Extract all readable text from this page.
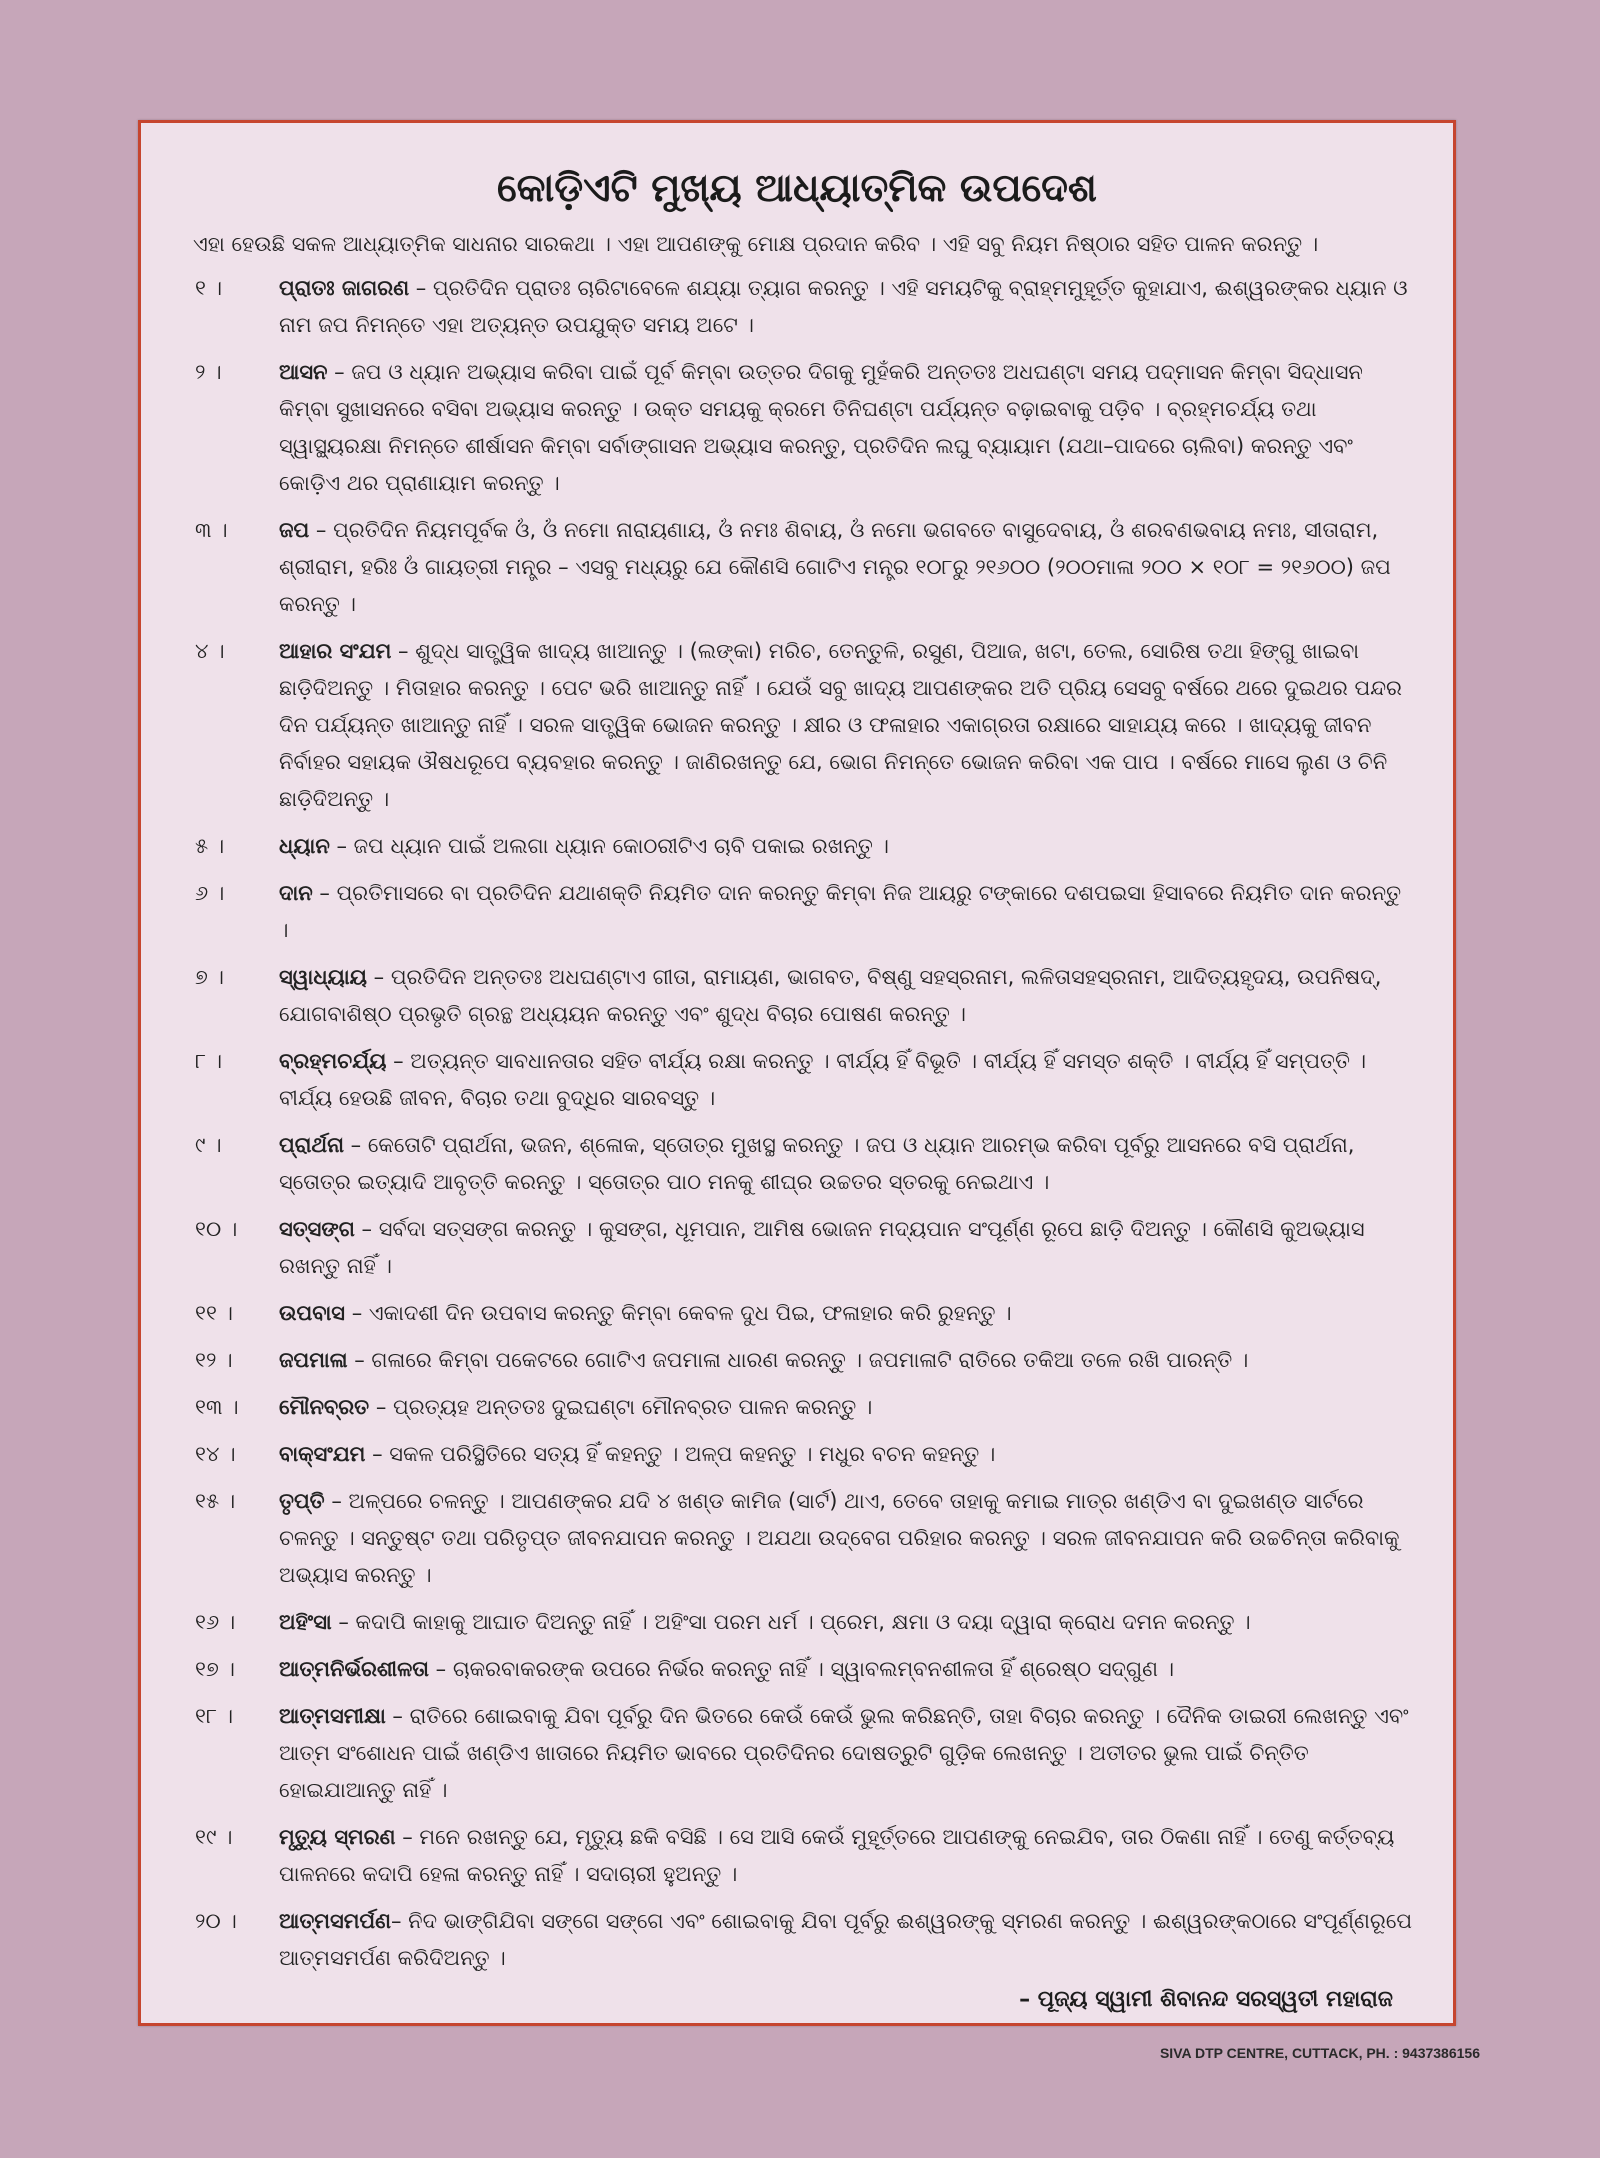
କୋଡ଼ିଏଟି ମୁଖ୍ୟ ଆଧ୍ୟାତ୍ମିକ ଉପଦେଶ
ଏହା ହେଉଛି ସକଳ ଆଧ୍ୟାତ୍ମିକ ସାଧନାର ସାରକଥା । ଏହା ଆପଣଙ୍କୁ ମୋକ୍ଷ ପ୍ରଦାନ କରିବ । ଏହି ସବୁ ନିୟମ ନିଷ୍ଠାର ସହିତ ପାଳନ କରନ୍ତୁ ।
୧ ।	ପ୍ରାତଃ ଜାଗରଣ – ପ୍ରତିଦିନ ପ୍ରାତଃ ଚାରିଟାବେଳେ ଶଯ୍ୟା ତ୍ୟାଗ କରନ୍ତୁ । ଏହି ସମୟଟିକୁ ବ୍ରାହ୍ମମୁହୂର୍ତ୍ତ କୁହାଯାଏ, ଈଶ୍ୱରଙ୍କର ଧ୍ୟାନ ଓ ନାମ ଜପ ନିମନ୍ତେ ଏହା ଅତ୍ୟନ୍ତ ଉପଯୁକ୍ତ ସମୟ ଅଟେ ।
୨ ।	ଆସନ – ଜପ ଓ ଧ୍ୟାନ ଅଭ୍ୟାସ କରିବା ପାଇଁ ପୂର୍ବ କିମ୍ବା ଉତ୍ତର ଦିଗକୁ ମୁହଁକରି ଅନ୍ତତଃ ଅଧଘଣ୍ଟା ସମୟ ପଦ୍ମାସନ କିମ୍ବା ସିଦ୍ଧାସନ କିମ୍ବା ସୁଖାସନରେ ବସିବା ଅଭ୍ୟାସ କରନ୍ତୁ । ଉକ୍ତ ସମୟକୁ କ୍ରମେ ତିନିଘଣ୍ଟା ପର୍ଯ୍ୟନ୍ତ ବଢ଼ାଇବାକୁ ପଡ଼ିବ । ବ୍ରହ୍ମଚର୍ଯ୍ୟ ତଥା ସ୍ୱାସ୍ଥ୍ୟରକ୍ଷା ନିମନ୍ତେ ଶୀର୍ଷାସନ କିମ୍ବା ସର୍ବାଙ୍ଗାସନ ଅଭ୍ୟାସ କରନ୍ତୁ, ପ୍ରତିଦିନ ଲଘୁ ବ୍ୟାୟାମ (ଯଥା–ପାଦରେ ଚାଲିବା) କରନ୍ତୁ ଏବଂ କୋଡ଼ିଏ ଥର ପ୍ରାଣାୟାମ କରନ୍ତୁ ।
୩ ।	ଜପ – ପ୍ରତିଦିନ ନିୟମପୂର୍ବକ ଓଁ, ଓଁ ନମୋ ନାରାୟଣାୟ, ଓଁ ନମଃ ଶିବାୟ, ଓଁ ନମୋ ଭଗବତେ ବାସୁଦେବାୟ, ଓଁ ଶରବଣଭବାୟ ନମଃ, ସୀତାରାମ, ଶ୍ରୀରାମ, ହରିଃ ଓଁ ଗାୟତ୍ରୀ ମନ୍ତ୍ର – ଏସବୁ ମଧ୍ୟରୁ ଯେ କୌଣସି ଗୋଟିଏ ମନ୍ତ୍ର ୧୦୮ରୁ ୨୧୬୦୦ (୨୦୦ମାଳା ୨୦୦ × ୧୦୮ = ୨୧୬୦୦) ଜପ କରନ୍ତୁ ।
୪ ।	ଆହାର ସଂଯମ – ଶୁଦ୍ଧ ସାତ୍ତ୍ୱିକ ଖାଦ୍ୟ ଖାଆନ୍ତୁ । (ଲଙ୍କା) ମରିଚ, ତେନ୍ତୁଳି, ରସୁଣ, ପିଆଜ, ଖଟା, ତେଲ, ସୋରିଷ ତଥା ହିଙ୍ଗୁ ଖାଇବା ଛାଡ଼ିଦିଅନ୍ତୁ । ମିତାହାର କରନ୍ତୁ । ପେଟ ଭରି ଖାଆନ୍ତୁ ନାହିଁ । ଯେଉଁ ସବୁ ଖାଦ୍ୟ ଆପଣଙ୍କର ଅତି ପ୍ରିୟ ସେସବୁ ବର୍ଷରେ ଥରେ ଦୁଇଥର ପନ୍ଦର ଦିନ ପର୍ଯ୍ୟନ୍ତ ଖାଆନ୍ତୁ ନାହିଁ । ସରଳ ସାତ୍ତ୍ୱିକ ଭୋଜନ କରନ୍ତୁ । କ୍ଷୀର ଓ ଫଳାହାର ଏକାଗ୍ରତା ରକ୍ଷାରେ ସାହାଯ୍ୟ କରେ । ଖାଦ୍ୟକୁ ଜୀବନ ନିର୍ବାହର ସହାୟକ ଔଷଧରୂପେ ବ୍ୟବହାର କରନ୍ତୁ । ଜାଣିରଖନ୍ତୁ ଯେ, ଭୋଗ ନିମନ୍ତେ ଭୋଜନ କରିବା ଏକ ପାପ । ବର୍ଷରେ ମାସେ ଲୁଣ ଓ ଚିନି ଛାଡ଼ିଦିଅନ୍ତୁ ।
୫ ।	ଧ୍ୟାନ – ଜପ ଧ୍ୟାନ ପାଇଁ ଅଲଗା ଧ୍ୟାନ କୋଠରୀଟିଏ ଚାବି ପକାଇ ରଖନ୍ତୁ ।
୬ ।	ଦାନ – ପ୍ରତିମାସରେ ବା ପ୍ରତିଦିନ ଯଥାଶକ୍ତି ନିୟମିତ ଦାନ କରନ୍ତୁ କିମ୍ବା ନିଜ ଆୟରୁ ଟଙ୍କାରେ ଦଶପଇସା ହିସାବରେ ନିୟମିତ ଦାନ କରନ୍ତୁ ।
୭ ।	ସ୍ୱାଧ୍ୟାୟ – ପ୍ରତିଦିନ ଅନ୍ତତଃ ଅଧଘଣ୍ଟାଏ ଗୀତା, ରାମାୟଣ, ଭାଗବତ, ବିଷ୍ଣୁ ସହସ୍ରନାମ, ଲଳିତାସହସ୍ରନାମ, ଆଦିତ୍ୟହୃଦୟ, ଉପନିଷଦ୍, ଯୋଗବାଶିଷ୍ଠ ପ୍ରଭୃତି ଗ୍ରନ୍ଥ ଅଧ୍ୟୟନ କରନ୍ତୁ ଏବଂ ଶୁଦ୍ଧ ବିଚାର ପୋଷଣ କରନ୍ତୁ ।
୮ ।	ବ୍ରହ୍ମଚର୍ଯ୍ୟ – ଅତ୍ୟନ୍ତ ସାବଧାନତାର ସହିତ ବୀର୍ଯ୍ୟ ରକ୍ଷା କରନ୍ତୁ । ବୀର୍ଯ୍ୟ ହିଁ ବିଭୂତି । ବୀର୍ଯ୍ୟ ହିଁ ସମସ୍ତ ଶକ୍ତି । ବୀର୍ଯ୍ୟ ହିଁ ସମ୍ପତ୍ତି । ବୀର୍ଯ୍ୟ ହେଉଛି ଜୀବନ, ବିଚାର ତଥା ବୁଦ୍ଧିର ସାରବସ୍ତୁ ।
୯ ।	ପ୍ରାର୍ଥନା – କେତୋଟି ପ୍ରାର୍ଥନା, ଭଜନ, ଶ୍ଳୋକ, ସ୍ତୋତ୍ର ମୁଖସ୍ଥ କରନ୍ତୁ । ଜପ ଓ ଧ୍ୟାନ ଆରମ୍ଭ କରିବା ପୂର୍ବରୁ ଆସନରେ ବସି ପ୍ରାର୍ଥନା, ସ୍ତୋତ୍ର ଇତ୍ୟାଦି ଆବୃତ୍ତି କରନ୍ତୁ । ସ୍ତୋତ୍ର ପାଠ ମନକୁ ଶୀଘ୍ର ଉଚ୍ଚତର ସ୍ତରକୁ ନେଇଥାଏ ।
୧୦ ।	ସତ୍‌ସଙ୍ଗ – ସର୍ବଦା ସତ୍‌ସଙ୍ଗ କରନ୍ତୁ । କୁସଙ୍ଗ, ଧୂମପାନ, ଆମିଷ ଭୋଜନ ମଦ୍ୟପାନ ସଂପୂର୍ଣ୍ଣ ରୂପେ ଛାଡ଼ି ଦିଅନ୍ତୁ । କୌଣସି କୁଅଭ୍ୟାସ ରଖନ୍ତୁ ନାହିଁ ।
୧୧ ।	ଉପବାସ – ଏକାଦଶୀ ଦିନ ଉପବାସ କରନ୍ତୁ କିମ୍ବା କେବଳ ଦୁଧ ପିଇ, ଫଳାହାର କରି ରୁହନ୍ତୁ ।
୧୨ ।	ଜପମାଳା – ଗଳାରେ କିମ୍ବା ପକେଟରେ ଗୋଟିଏ ଜପମାଳା ଧାରଣ କରନ୍ତୁ । ଜପମାଳାଟି ରାତିରେ ତକିଆ ତଳେ ରଖି ପାରନ୍ତି ।
୧୩ ।	ମୌନବ୍ରତ – ପ୍ରତ୍ୟହ ଅନ୍ତତଃ ଦୁଇଘଣ୍ଟା ମୌନବ୍ରତ ପାଳନ କରନ୍ତୁ ।
୧୪ ।	ବାକ୍‌ସଂଯମ – ସକଳ ପରିସ୍ଥିତିରେ ସତ୍ୟ ହିଁ କହନ୍ତୁ । ଅଳ୍ପ କହନ୍ତୁ । ମଧୁର ବଚନ କହନ୍ତୁ ।
୧୫ ।	ତୃପ୍ତି – ଅଳ୍ପରେ ଚଳନ୍ତୁ । ଆପଣଙ୍କର ଯଦି ୪ ଖଣ୍ଡ କାମିଜ (ସାର୍ଟ) ଥାଏ, ତେବେ ତାହାକୁ କମାଇ ମାତ୍ର ଖଣ୍ଡିଏ ବା ଦୁଇଖଣ୍ଡ ସାର୍ଟରେ ଚଳନ୍ତୁ । ସନ୍ତୁଷ୍ଟ ତଥା ପରିତୃପ୍ତ ଜୀବନଯାପନ କରନ୍ତୁ । ଅଯଥା ଉଦ୍‌ବେଗ ପରିହାର କରନ୍ତୁ । ସରଳ ଜୀବନଯାପନ କରି ଉଚ୍ଚଚିନ୍ତା କରିବାକୁ ଅଭ୍ୟାସ କରନ୍ତୁ ।
୧୬ ।	ଅହିଂସା – କଦାପି କାହାକୁ ଆଘାତ ଦିଅନ୍ତୁ ନାହିଁ । ଅହିଂସା ପରମ ଧର୍ମ । ପ୍ରେମ, କ୍ଷମା ଓ ଦୟା ଦ୍ୱାରା କ୍ରୋଧ ଦମନ କରନ୍ତୁ ।
୧୭ ।	ଆତ୍ମନିର୍ଭରଶୀଳତା – ଚାକରବାକରଙ୍କ ଉପରେ ନିର୍ଭର କରନ୍ତୁ ନାହିଁ । ସ୍ୱାବଲମ୍ବନଶୀଳତା ହିଁ ଶ୍ରେଷ୍ଠ ସଦ୍‌ଗୁଣ ।
୧୮ ।	ଆତ୍ମସମୀକ୍ଷା – ରାତିରେ ଶୋଇବାକୁ ଯିବା ପୂର୍ବରୁ ଦିନ ଭିତରେ କେଉଁ କେଉଁ ଭୁଲ କରିଛନ୍ତି, ତାହା ବିଚାର କରନ୍ତୁ । ଦୈନିକ ଡାଇରୀ ଲେଖନ୍ତୁ ଏବଂ ଆତ୍ମ ସଂଶୋଧନ ପାଇଁ ଖଣ୍ଡିଏ ଖାତାରେ ନିୟମିତ ଭାବରେ ପ୍ରତିଦିନର ଦୋଷତ୍ରୁଟି ଗୁଡ଼ିକ ଲେଖନ୍ତୁ । ଅତୀତର ଭୁଲ ପାଇଁ ଚିନ୍ତିତ ହୋଇଯାଆନ୍ତୁ ନାହିଁ ।
୧୯ ।	ମୃତ୍ୟୁ ସ୍ମରଣ – ମନେ ରଖନ୍ତୁ ଯେ, ମୃତ୍ୟୁ ଛକି ବସିଛି । ସେ ଆସି କେଉଁ ମୁହୂର୍ତ୍ତରେ ଆପଣଙ୍କୁ ନେଇଯିବ, ତାର ଠିକଣା ନାହିଁ । ତେଣୁ କର୍ତ୍ତବ୍ୟ ପାଳନରେ କଦାପି ହେଳା କରନ୍ତୁ ନାହିଁ । ସଦାଚାରୀ ହୁଅନ୍ତୁ ।
୨୦ ।	ଆତ୍ମସମର୍ପଣ– ନିଦ ଭାଙ୍ଗିଯିବା ସଙ୍ଗେ ସଙ୍ଗେ ଏବଂ ଶୋଇବାକୁ ଯିବା ପୂର୍ବରୁ ଈଶ୍ୱରଙ୍କୁ ସ୍ମରଣ କରନ୍ତୁ । ଈଶ୍ୱରଙ୍କଠାରେ ସଂପୂର୍ଣ୍ଣରୂପେ ଆତ୍ମସମର୍ପଣ କରିଦିଅନ୍ତୁ ।
– ପୂଜ୍ୟ ସ୍ୱାମୀ ଶିବାନନ୍ଦ ସରସ୍ୱତୀ ମହାରାଜ
SIVA DTP CENTRE, CUTTACK, PH. : 9437386156
